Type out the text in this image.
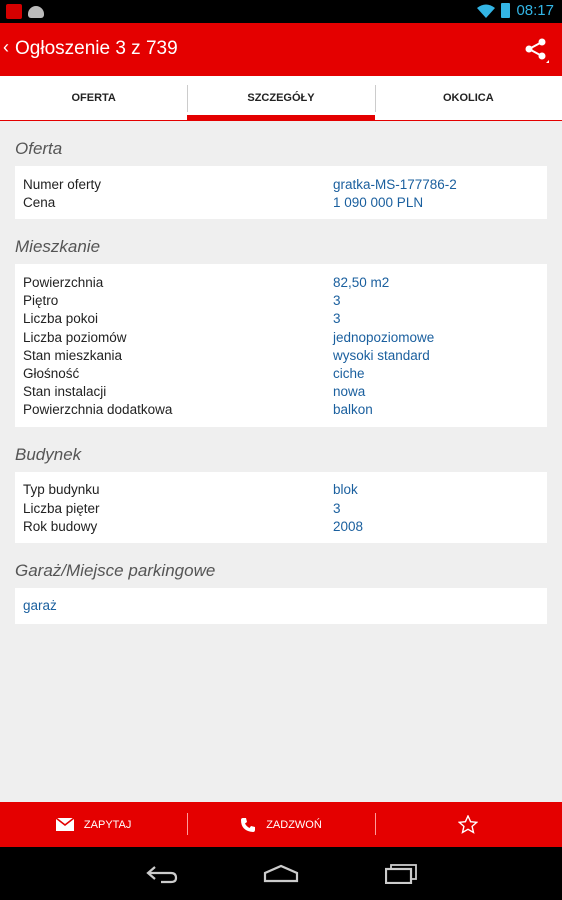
08:17
‹ Ogłoszenie 3 z 739
OFERTA	SZCZEGÓŁY	OKOLICA
Oferta
Numer oferty	gratka-MS-177786-2
Cena	1 090 000 PLN
Mieszkanie
Powierzchnia	82,50 m2
Piętro	3
Liczba pokoi	3
Liczba poziomów	jednopoziomowe
Stan mieszkania	wysoki standard
Głośność	ciche
Stan instalacji	nowa
Powierzchnia dodatkowa	balkon
Budynek
Typ budynku	blok
Liczba pięter	3
Rok budowy	2008
Garaż/Miejsce parkingowe
garaż
ZAPYTAJ	ZADZWOŃ
